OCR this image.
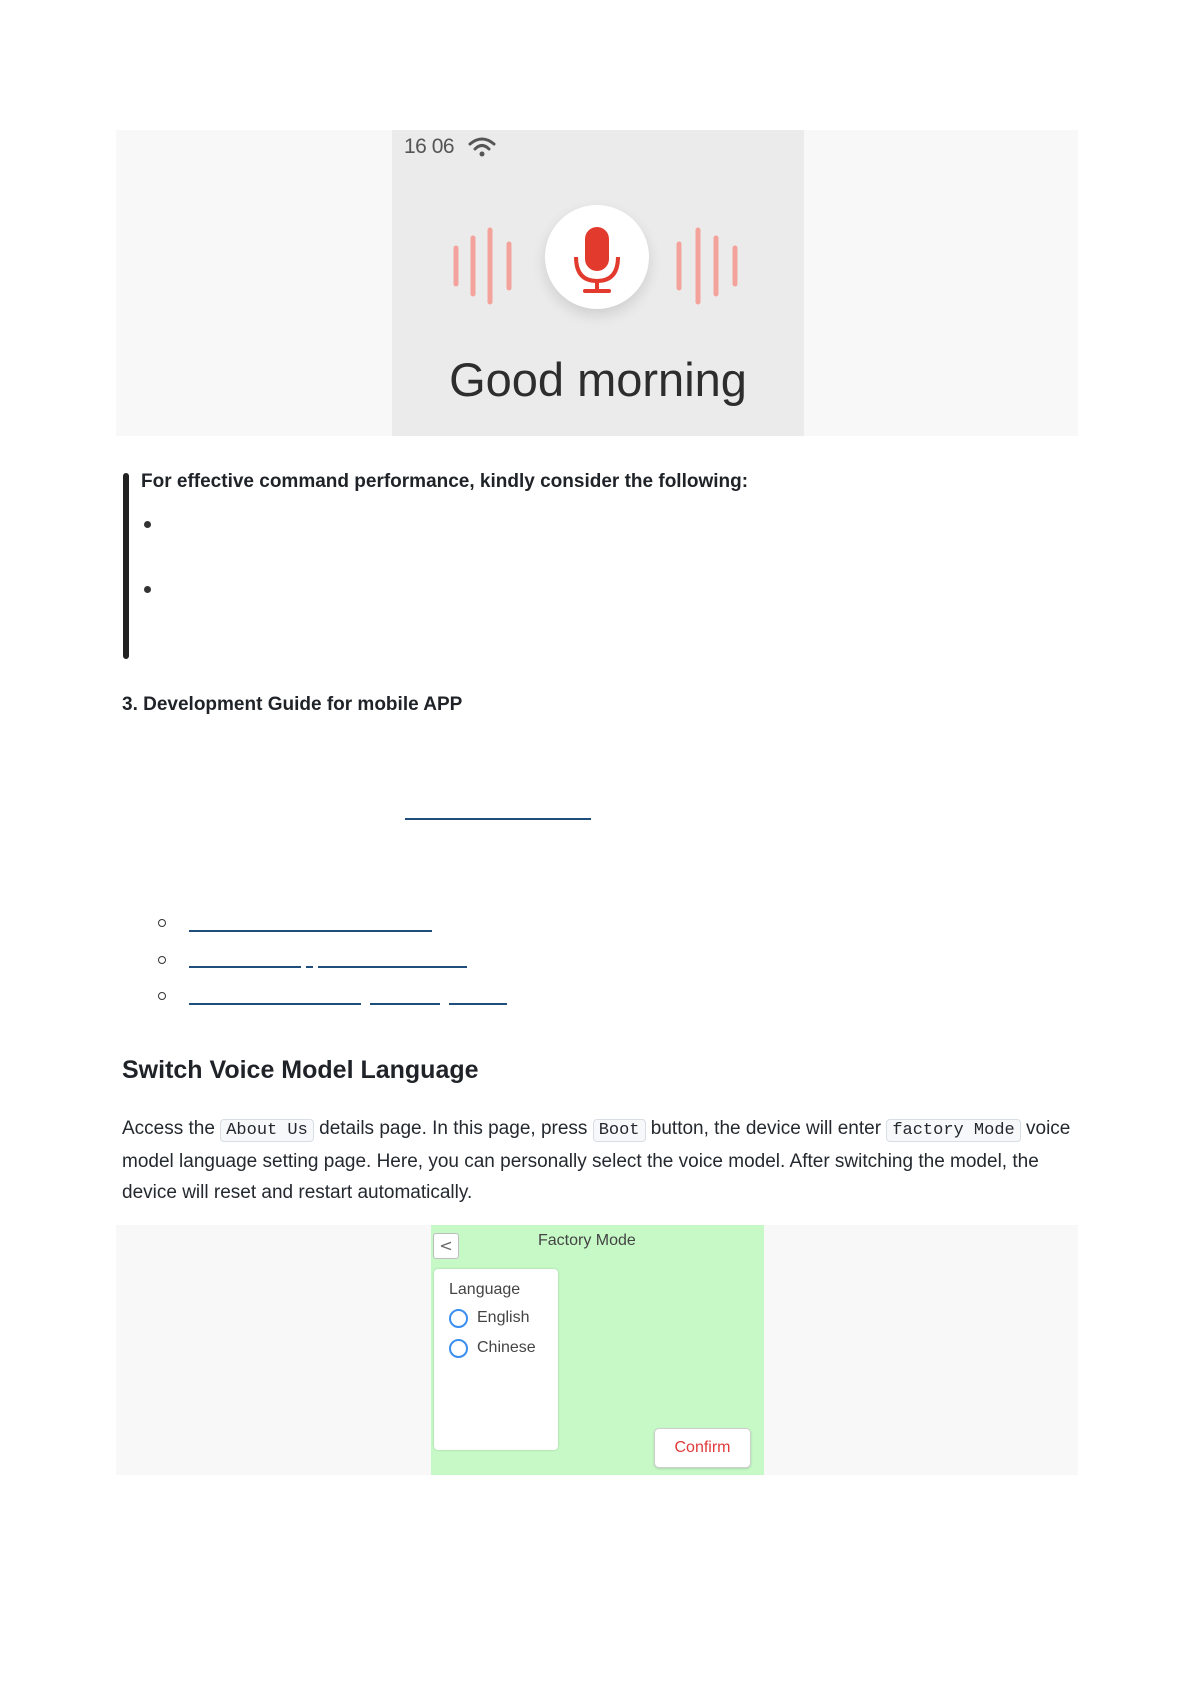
16 06
Good morning
For effective command performance, kindly consider the following:
3. Development Guide for mobile APP
Switch Voice Model Language
Access the About Us details page. In this page, press Boot button, the device will enter factory Mode voice model language setting page. Here, you can personally select the voice model. After switching the model, the device will reset and restart automatically.
<	Factory Mode
Language
English
Chinese
Confirm
